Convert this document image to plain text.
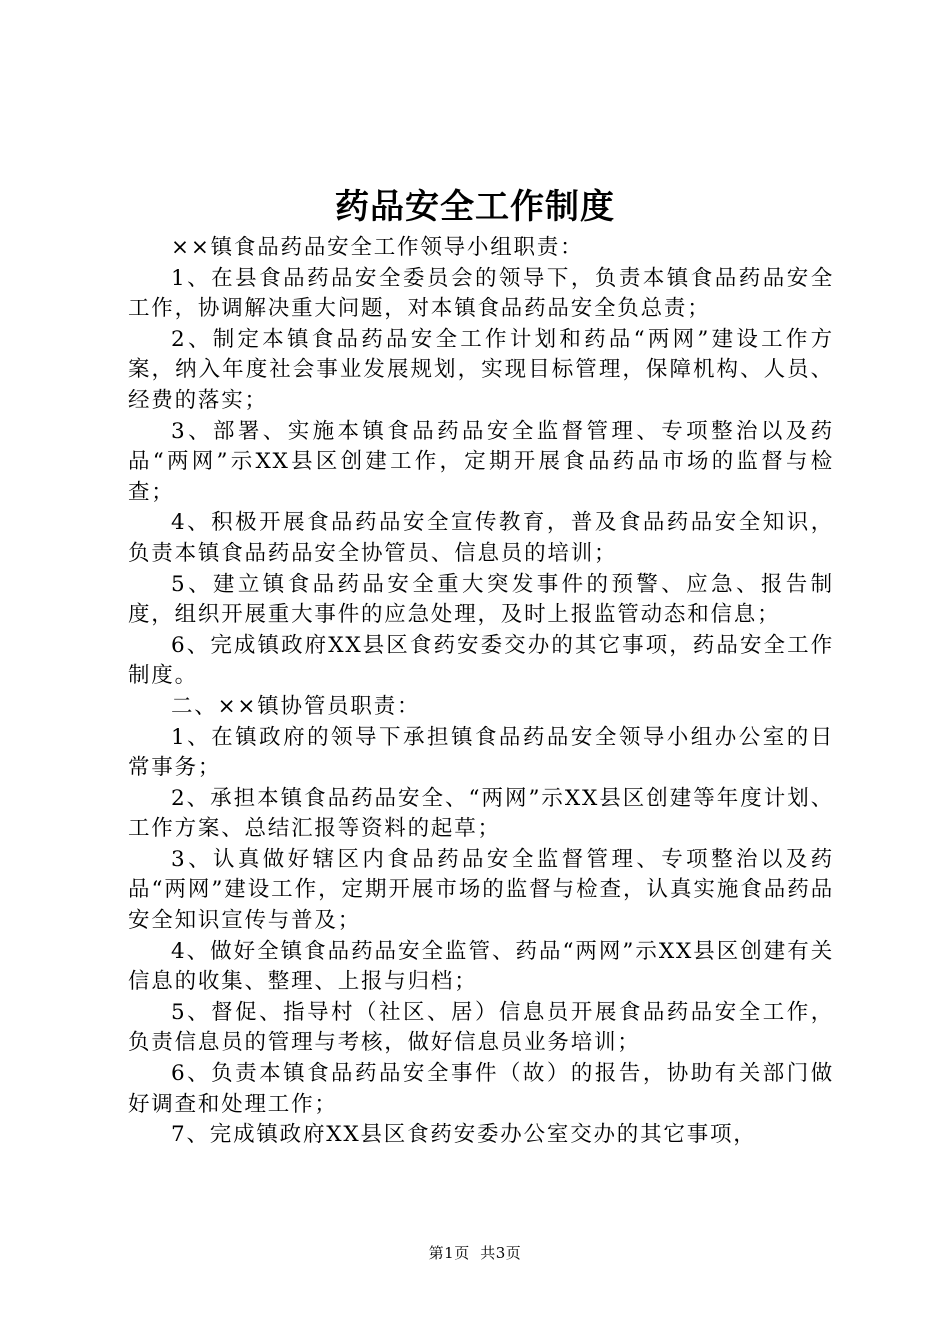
药品安全工作制度

××镇食品药品安全工作领导小组职责：

1、在县食品药品安全委员会的领导下，负责本镇食品药品安全工作，协调解决重大问题，对本镇食品药品安全负总责；

2、制定本镇食品药品安全工作计划和药品“两网”建设工作方案，纳入年度社会事业发展规划，实现目标管理，保障机构、人员、经费的落实；

3、部署、实施本镇食品药品安全监督管理、专项整治以及药品“两网”示XX县区创建工作，定期开展食品药品市场的监督与检查；

4、积极开展食品药品安全宣传教育，普及食品药品安全知识，负责本镇食品药品安全协管员、信息员的培训；

5、建立镇食品药品安全重大突发事件的预警、应急、报告制度，组织开展重大事件的应急处理，及时上报监管动态和信息；

6、完成镇政府XX县区食药安委交办的其它事项，药品安全工作制度。

二、××镇协管员职责：

1、在镇政府的领导下承担镇食品药品安全领导小组办公室的日常事务；

2、承担本镇食品药品安全、“两网”示XX县区创建等年度计划、工作方案、总结汇报等资料的起草；

3、认真做好辖区内食品药品安全监督管理、专项整治以及药品“两网”建设工作，定期开展市场的监督与检查，认真实施食品药品安全知识宣传与普及；

4、做好全镇食品药品安全监管、药品“两网”示XX县区创建有关信息的收集、整理、上报与归档；

5、督促、指导村（社区、居）信息员开展食品药品安全工作，负责信息员的管理与考核，做好信息员业务培训；

6、负责本镇食品药品安全事件（故）的报告，协助有关部门做好调查和处理工作；

7、完成镇政府XX县区食药安委办公室交办的其它事项，

第1页 共3页
